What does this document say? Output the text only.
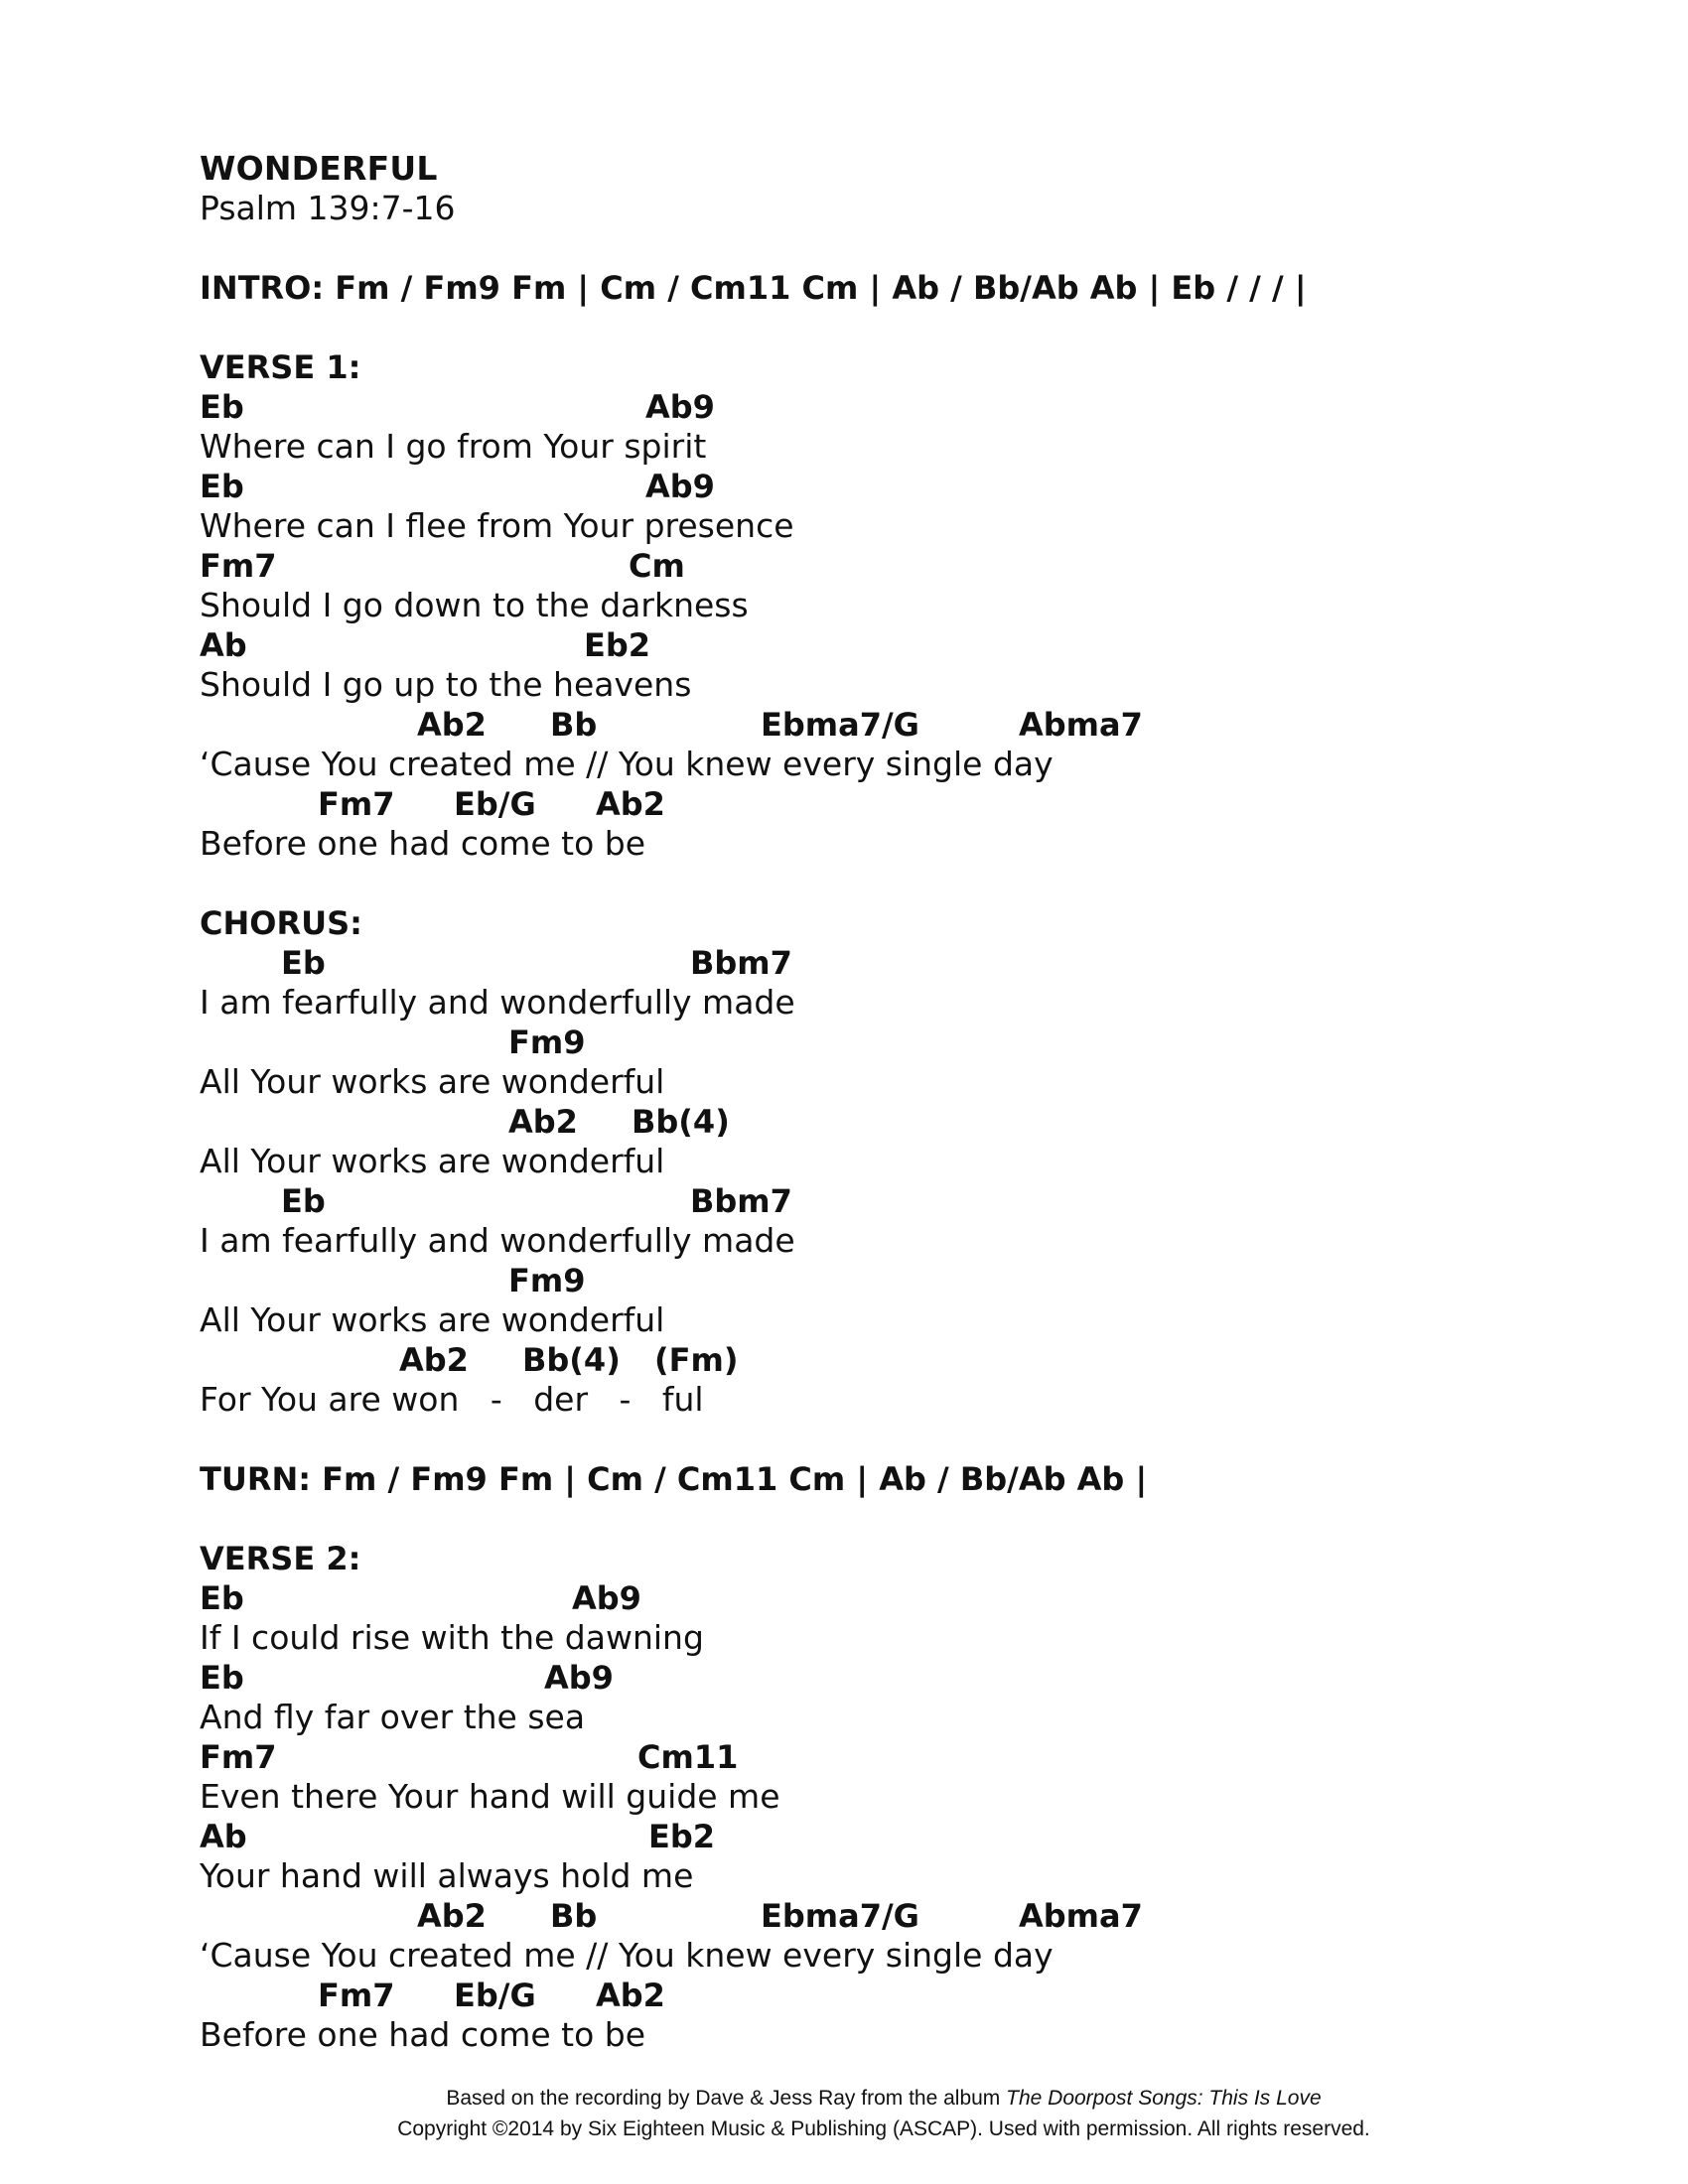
WONDERFUL
Psalm 139:7-16
INTRO: Fm / Fm9 Fm | Cm / Cm11 Cm | Ab / Bb/Ab Ab | Eb / / / |
VERSE 1:
Eb	Ab9
Where can I go from Your spirit
Eb	Ab9
Where can I flee from Your presence
Fm7	Cm
Should I go down to the darkness
Ab	Eb2
Should I go up to the heavens
Ab2 Bb	Ebma7/G	Abma7
‘Cause You created me // You knew every single day
Fm7 Eb/G Ab2
Before one had come to be
CHORUS:
Eb	Bbm7
I am fearfully and wonderfully made
Fm9
All Your works are wonderful
Ab2 Bb(4)
All Your works are wonderful
Eb	Bbm7
I am fearfully and wonderfully made
Fm9
All Your works are wonderful
Ab2 Bb(4) (Fm)
For You are won   -   der   -   ful
TURN: Fm / Fm9 Fm | Cm / Cm11 Cm | Ab / Bb/Ab Ab |
VERSE 2:
Eb	Ab9
If I could rise with the dawning
Eb	Ab9
And fly far over the sea
Fm7	Cm11
Even there Your hand will guide me
Ab	Eb2
Your hand will always hold me
Ab2 Bb	Ebma7/G	Abma7
‘Cause You created me // You knew every single day
Fm7 Eb/G Ab2
Before one had come to be
Based on the recording by Dave & Jess Ray from the album The Doorpost Songs: This Is Love
Copyright ©2014 by Six Eighteen Music & Publishing (ASCAP). Used with permission. All rights reserved.
